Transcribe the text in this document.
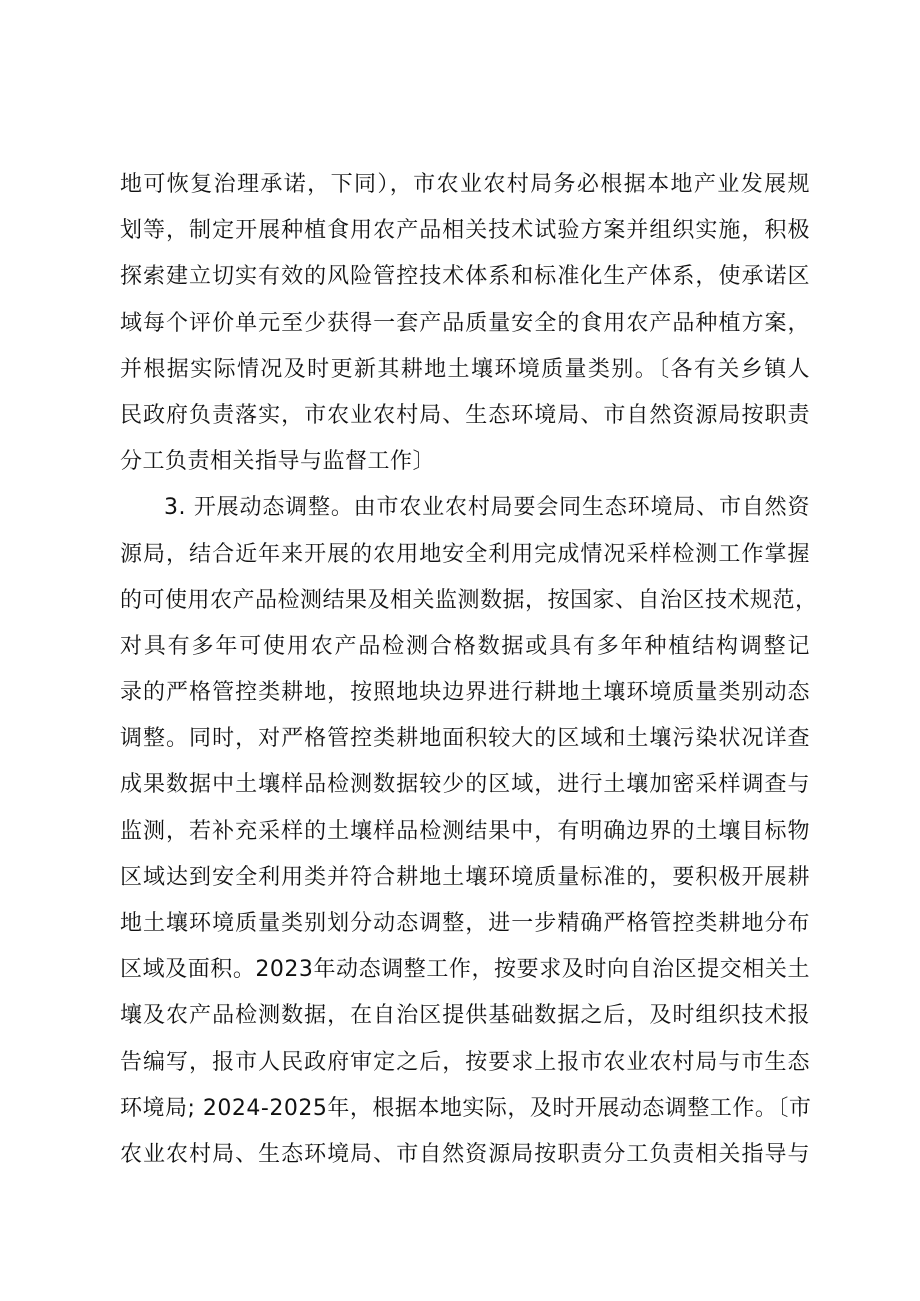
地可恢复治理承诺，下同），市农业农村局务必根据本地产业发展规
划等，制定开展种植食用农产品相关技术试验方案并组织实施，积极
探索建立切实有效的风险管控技术体系和标准化生产体系，使承诺区
域每个评价单元至少获得一套产品质量安全的食用农产品种植方案，
并根据实际情况及时更新其耕地土壤环境质量类别。〔各有关乡镇人
民政府负责落实，市农业农村局、生态环境局、市自然资源局按职责
分工负责相关指导与监督工作〕
3. 开展动态调整。由市农业农村局要会同生态环境局、市自然资
源局，结合近年来开展的农用地安全利用完成情况采样检测工作掌握
的可使用农产品检测结果及相关监测数据，按国家、自治区技术规范，
对具有多年可使用农产品检测合格数据或具有多年种植结构调整记
录的严格管控类耕地，按照地块边界进行耕地土壤环境质量类别动态
调整。同时，对严格管控类耕地面积较大的区域和土壤污染状况详查
成果数据中土壤样品检测数据较少的区域，进行土壤加密采样调查与
监测，若补充采样的土壤样品检测结果中，有明确边界的土壤目标物
区域达到安全利用类并符合耕地土壤环境质量标准的，要积极开展耕
地土壤环境质量类别划分动态调整，进一步精确严格管控类耕地分布
区域及面积。2023年动态调整工作，按要求及时向自治区提交相关土
壤及农产品检测数据，在自治区提供基础数据之后，及时组织技术报
告编写，报市人民政府审定之后，按要求上报市农业农村局与市生态
环境局; 2024-2025年，根据本地实际，及时开展动态调整工作。〔市
农业农村局、生态环境局、市自然资源局按职责分工负责相关指导与
